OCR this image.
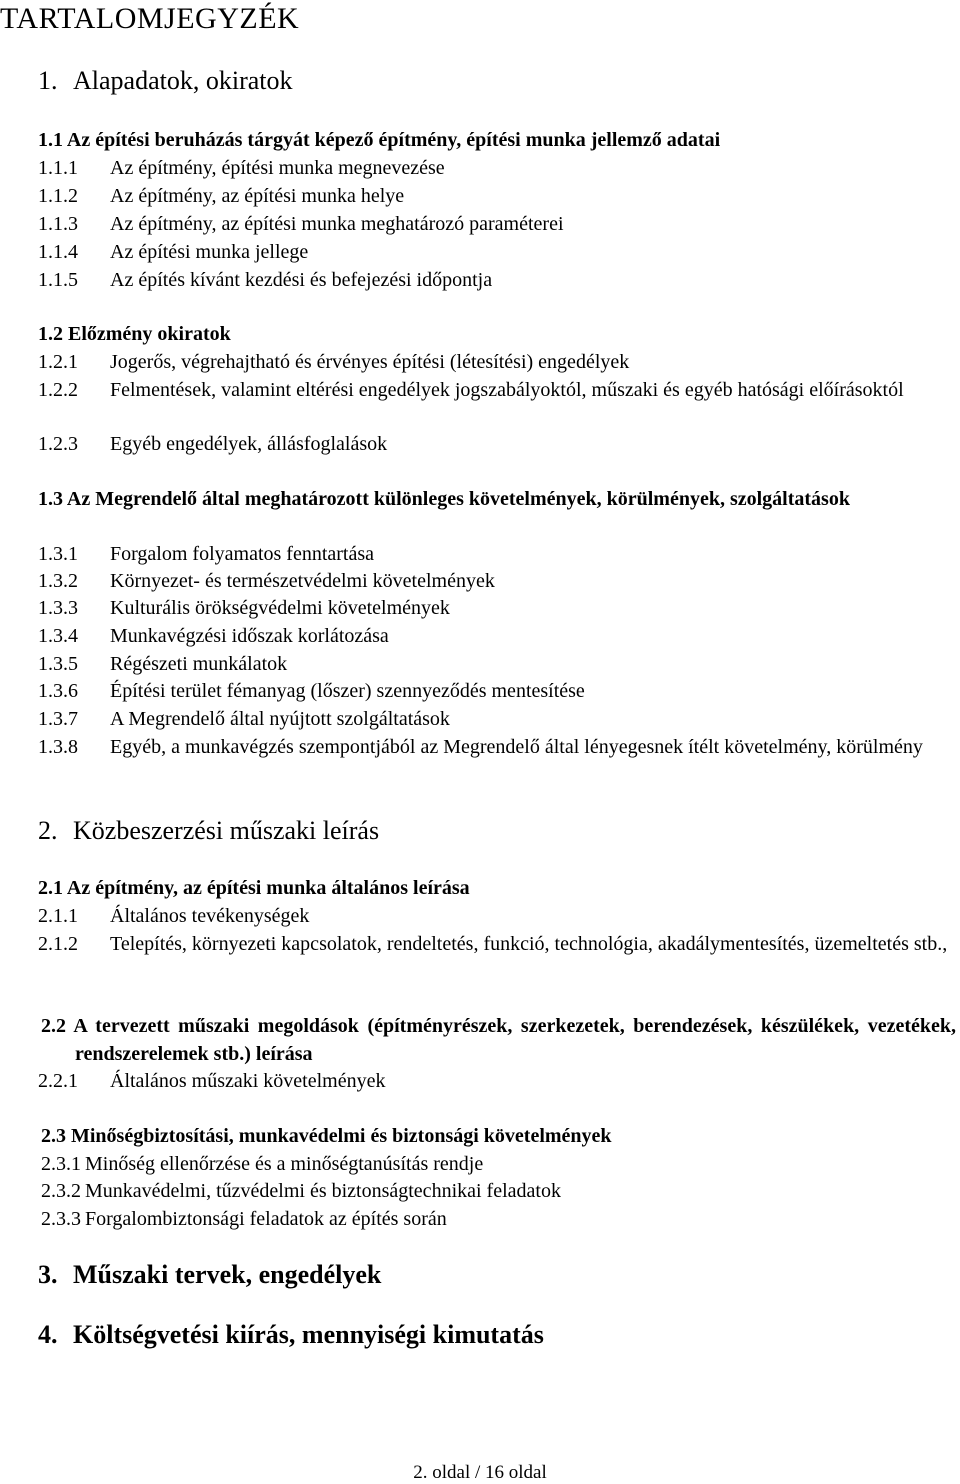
TARTALOMJEGYZÉK
1. Alapadatok, okiratok
1.1 Az építési beruházás tárgyát képező építmény, építési munka jellemző adatai
1.1.1 Az építmény, építési munka megnevezése
1.1.2 Az építmény, az építési munka helye
1.1.3 Az építmény, az építési munka meghatározó paraméterei
1.1.4 Az építési munka jellege
1.1.5 Az építés kívánt kezdési és befejezési időpontja
1.2 Előzmény okiratok
1.2.1 Jogerős, végrehajtható és érvényes építési (létesítési) engedélyek
1.2.2 Felmentések, valamint eltérési engedélyek jogszabályoktól, műszaki és egyéb hatósági előírásoktól
1.2.3 Egyéb engedélyek, állásfoglalások
1.3 Az Megrendelő által meghatározott különleges követelmények, körülmények, szolgáltatások
1.3.1 Forgalom folyamatos fenntartása
1.3.2 Környezet- és természetvédelmi követelmények
1.3.3 Kulturális örökségvédelmi követelmények
1.3.4 Munkavégzési időszak korlátozása
1.3.5 Régészeti munkálatok
1.3.6 Építési terület fémanyag (lőszer) szennyeződés mentesítése
1.3.7 A Megrendelő által nyújtott szolgáltatások
1.3.8 Egyéb, a munkavégzés szempontjából az Megrendelő által lényegesnek ítélt követelmény, körülmény
2. Közbeszerzési műszaki leírás
2.1 Az építmény, az építési munka általános leírása
2.1.1 Általános tevékenységek
2.1.2 Telepítés, környezeti kapcsolatok, rendeltetés, funkció, technológia, akadálymentesítés, üzemeltetés stb.,
2.2 A tervezett műszaki megoldások (építményrészek, szerkezetek, berendezések, készülékek, vezetékek, rendszerelemek stb.) leírása
2.2.1 Általános műszaki követelmények
2.3 Minőségbiztosítási, munkavédelmi és biztonsági követelmények
2.3.1 Minőség ellenőrzése és a minőségtanúsítás rendje
2.3.2 Munkavédelmi, tűzvédelmi és biztonságtechnikai feladatok
2.3.3 Forgalombiztonsági feladatok az építés során
3. Műszaki tervek, engedélyek
4. Költségvetési kiírás, mennyiségi kimutatás
2. oldal / 16 oldal
